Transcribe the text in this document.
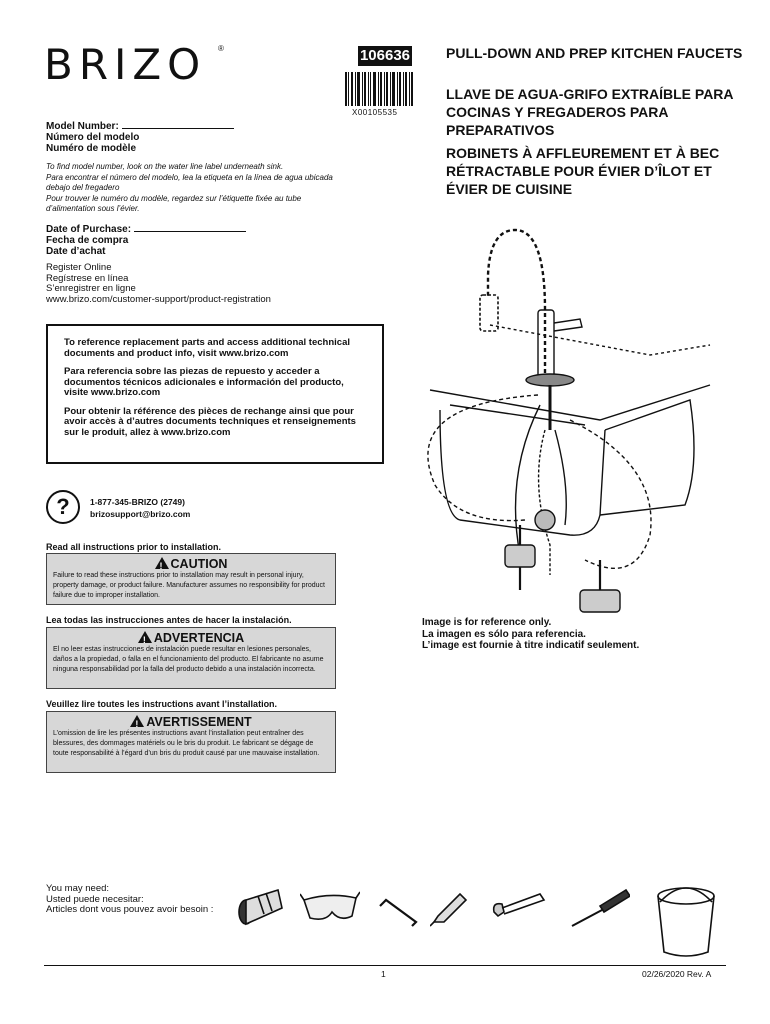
BRIZO ®	106636
X00105535
PULL-DOWN AND PREP KITCHEN FAUCETS
LLAVE DE AGUA-GRIFO EXTRAÍBLE PARA COCINAS Y FREGADEROS PARA PREPARATIVOS
ROBINETS À AFFLEUREMENT ET À BEC RÉTRACTABLE POUR ÉVIER D’ÎLOT ET ÉVIER DE CUISINE
Model Number:
Número del modelo
Numéro de modèle
To find model number, look on the water line label underneath sink.
Para encontrar el número del modelo, lea la etiqueta en la línea de agua ubicada debajo del fregadero
Pour trouver le numéro du modèle, regardez sur l’étiquette fixée au tube d’alimentation sous l’évier.
Date of Purchase:
Fecha de compra
Date d’achat
Register Online
Regístrese en línea
S’enregistrer en ligne
www.brizo.com/customer-support/product-registration

To reference replacement parts and access additional technical documents and product info, visit www.brizo.com

Para referencia sobre las piezas de repuesto y acceder a documentos técnicos adicionales e información del producto, visite www.brizo.com

Pour obtenir la référence des pièces de rechange ainsi que pour avoir accès à d’autres documents techniques et renseignements sur le produit, allez à www.brizo.com

?	1-877-345-BRIZO (2749)
brizosupport@brizo.com
Read all instructions prior to installation.
! CAUTION
Failure to read these instructions prior to installation may result in personal injury, property damage, or product failure. Manufacturer assumes no responsibility for product failure due to improper installation.
Lea todas las instrucciones antes de hacer la instalación.
! ADVERTENCIA
El no leer estas instrucciones de instalación puede resultar en lesiones personales, daños a la propiedad, o falla en el funcionamiento del producto. El fabricante no asume ninguna responsabilidad por la falla del producto debido a una instalación incorrecta.
Veuillez lire toutes les instructions avant l’installation.
! AVERTISSEMENT
L’omission de lire les présentes instructions avant l’installation peut entraîner des blessures, des dommages matériels ou le bris du produit. Le fabricant se dégage de toute responsabilité à l’égard d’un bris du produit causé par une mauvaise installation.
Image is for reference only.
La imagen es sólo para referencia.
L’image est fournie à titre indicatif seulement.
You may need:
Usted puede necesitar:
Articles dont vous pouvez avoir besoin :
1	02/26/2020 Rev. A
